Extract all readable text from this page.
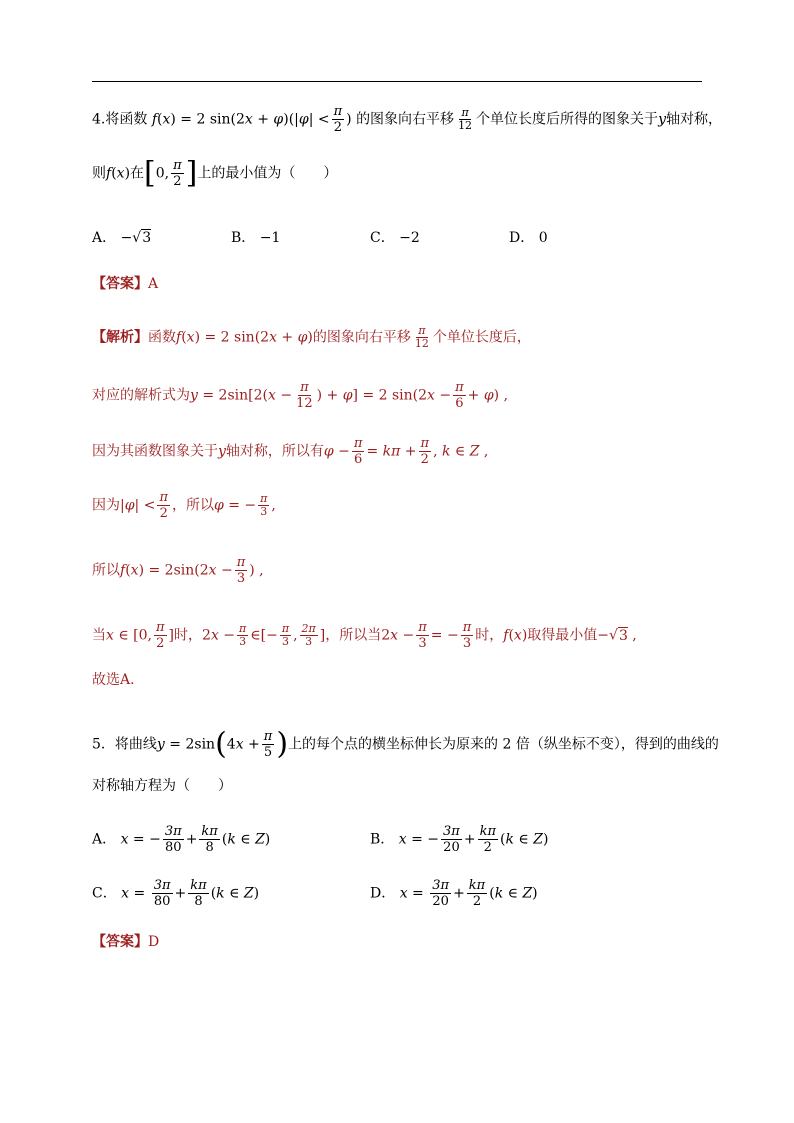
4.将函数 f(x) = 2 $\sin(2x + \varphi)(|\varphi| < \frac{\pi}{2}$ ) 的图象向右平移 $\frac{\pi}{12}$ 个单位长度后所得的图象关于y轴对称，
则f(x)在[0, $\frac{\pi}{2}$ ]上的最小值为（　　）
A． −√3	B． −1	C． −2	D． 0
【答案】A
【解析】函数f(x) = 2 sin(2x + φ)的图象向右平移 $\frac{\pi}{12}$ 个单位长度后，
对应的解析式为$y = 2\sin[2(x - \frac{\pi}{12}$ ) + φ] = 2 $\sin(2x - \frac{\pi}{6} + \varphi)$ ,
因为其函数图象关于y轴对称，所以有$\varphi - \frac{\pi}{6} = k\pi + \frac{\pi}{2}$ , k ∈ Z ,
因为$|\varphi| < \frac{\pi}{2}$ ，所以φ = − $\frac{\pi}{3}$ ,
所以$f(x) = 2\sin(2x - \frac{\pi}{3}$ ) ,
当x ∈ [0, $\frac{\pi}{2}$ ]时，$2x - \frac{\pi}{3}$ ∈[− $\frac{\pi}{3}$ , $\frac{2\pi}{3}$ ]，所以当$2x - \frac{\pi}{3}$ = − $\frac{\pi}{3}$ 时，f(x)取得最小值−√3 ,
故选A.
5．将曲线$y = 2\sin(4x + \frac{\pi}{5}$ )上的每个点的横坐标伸长为原来的 2 倍（纵坐标不变），得到的曲线的
对称轴方程为（　　）
A． x = − $\frac{3\pi}{80} + \frac{k\pi}{8} (k$ ∈ Z)	B． x = − $\frac{3\pi}{20} + \frac{k\pi}{2} (k$ ∈ Z)
C． $x = \frac{3\pi}{80} + \frac{k\pi}{8} (k$ ∈ Z)	D． $x = \frac{3\pi}{20} + \frac{k\pi}{2} (k$ ∈ Z)
【答案】D
